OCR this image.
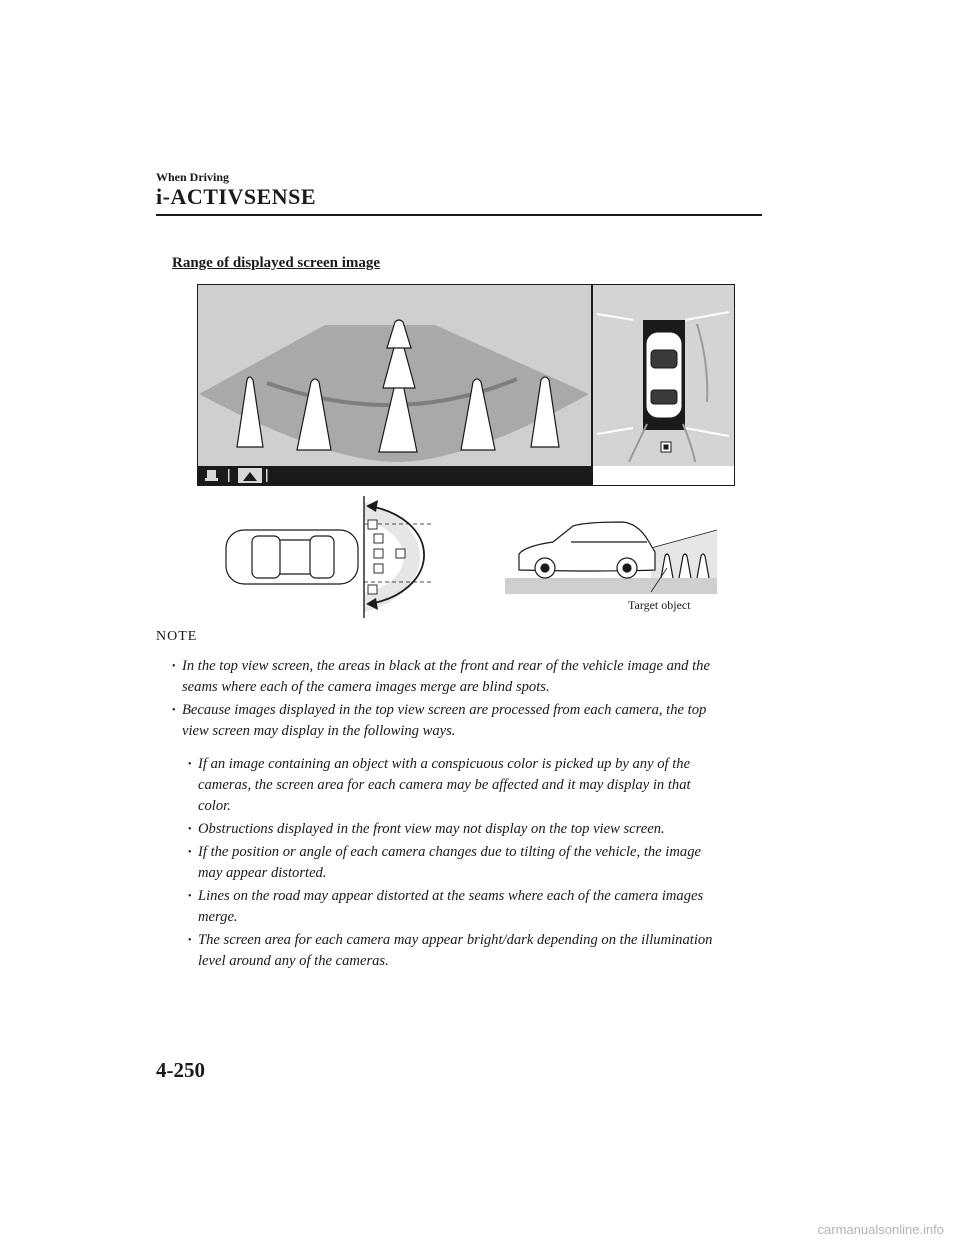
When Driving
i-ACTIVSENSE
Range of displayed screen image
Target object
NOTE
• In the top view screen, the areas in black at the front and rear of the vehicle image and the
seams where each of the camera images merge are blind spots.
• Because images displayed in the top view screen are processed from each camera, the top
view screen may display in the following ways.
• If an image containing an object with a conspicuous color is picked up by any of the
cameras, the screen area for each camera may be affected and it may display in that
color.
• Obstructions displayed in the front view may not display on the top view screen.
• If the position or angle of each camera changes due to tilting of the vehicle, the image
may appear distorted.
• Lines on the road may appear distorted at the seams where each of the camera images
merge.
• The screen area for each camera may appear bright/dark depending on the illumination
level around any of the cameras.
4-250
carmanualsonline.info
